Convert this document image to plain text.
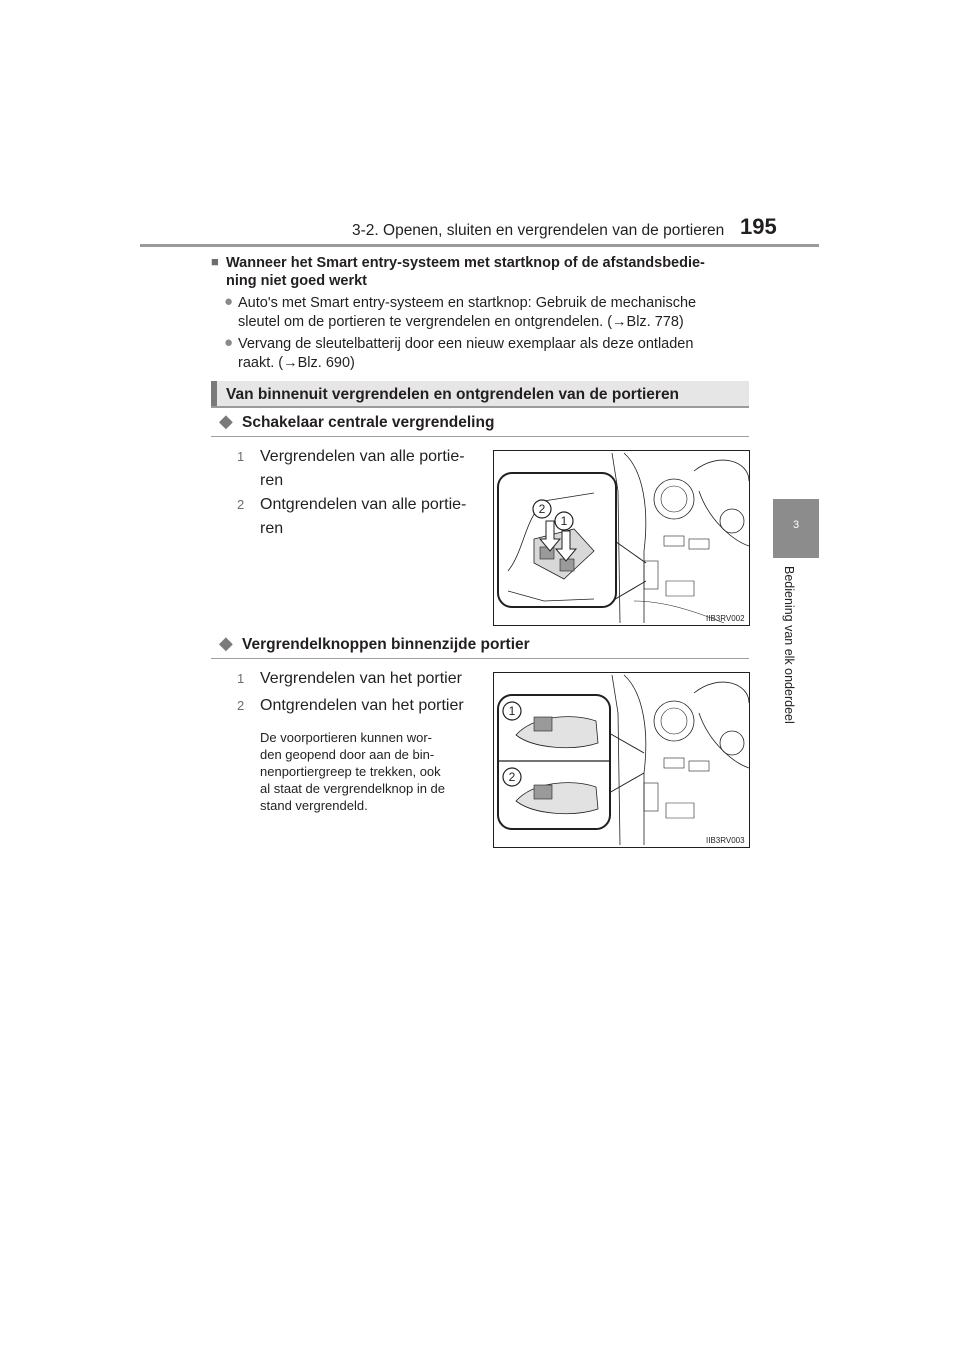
3-2. Openen, sluiten en vergrendelen van de portieren 195
3
Bediening van elk onderdeel
■ Wanneer het Smart entry-systeem met startknop of de afstandsbedie-
ning niet goed werkt
● Auto's met Smart entry-systeem en startknop: Gebruik de mechanische
sleutel om de portieren te vergrendelen en ontgrendelen. (→Blz. 778)
● Vervang de sleutelbatterij door een nieuw exemplaar als deze ontladen
raakt. (→Blz. 690)
Van binnenuit vergrendelen en ontgrendelen van de portieren
◆ Schakelaar centrale vergrendeling
1 Vergrendelen van alle portie-
ren
2 Ontgrendelen van alle portie-
ren
2
1
IIB3RV002
◆ Vergrendelknoppen binnenzijde portier
1 Vergrendelen van het portier
2 Ontgrendelen van het portier
De voorportieren kunnen wor-
den geopend door aan de bin-
nenportiergreep te trekken, ook
al staat de vergrendelknop in de
stand vergrendeld.
1
2
IIB3RV003
